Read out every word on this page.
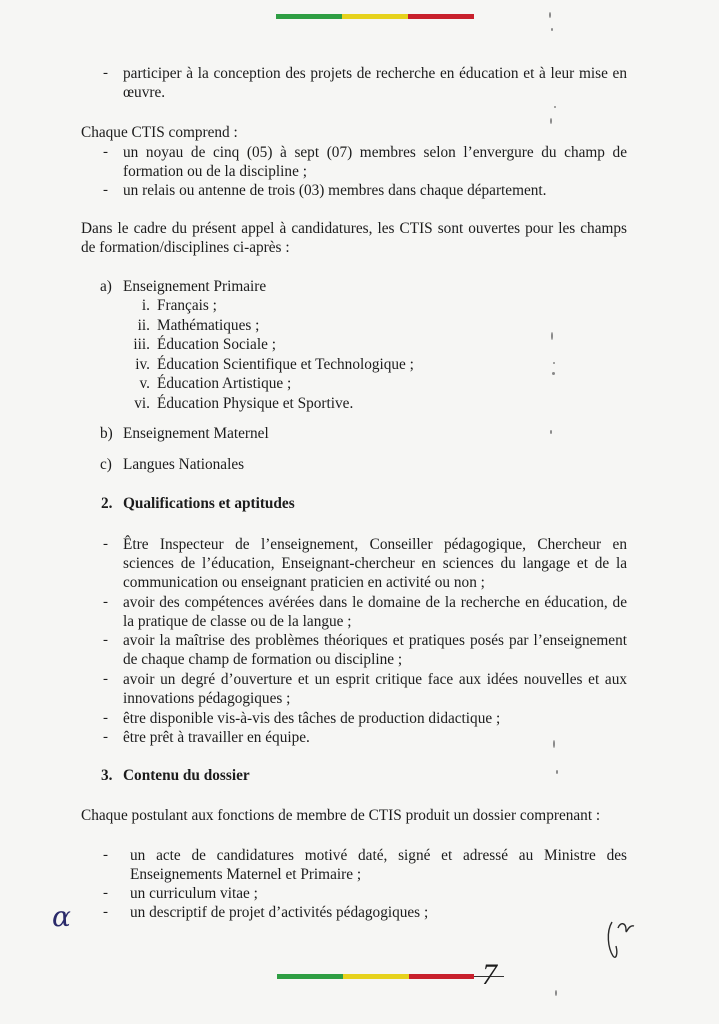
- participer à la conception des projets de recherche en éducation et à leur mise en œuvre.
Chaque CTIS comprend :
- un noyau de cinq (05) à sept (07) membres selon l’envergure du champ de formation ou de la discipline ;
- un relais ou antenne de trois (03) membres dans chaque département.
Dans le cadre du présent appel à candidatures, les CTIS sont ouvertes pour les champs de formation/disciplines ci-après :
a) Enseignement Primaire
i. Français ;
ii. Mathématiques ;
iii. Éducation Sociale ;
iv. Éducation Scientifique et Technologique ;
v. Éducation Artistique ;
vi. Éducation Physique et Sportive.
b) Enseignement Maternel
c) Langues Nationales
2. Qualifications et aptitudes
- Être Inspecteur de l’enseignement, Conseiller pédagogique, Chercheur en sciences de l’éducation, Enseignant-chercheur en sciences du langage et de la communication ou enseignant praticien en activité ou non ;
- avoir des compétences avérées dans le domaine de la recherche en éducation, de la pratique de classe ou de la langue ;
- avoir la maîtrise des problèmes théoriques et pratiques posés par l’enseignement de chaque champ de formation ou discipline ;
- avoir un degré d’ouverture et un esprit critique face aux idées nouvelles et aux innovations pédagogiques ;
- être disponible vis-à-vis des tâches de production didactique ;
- être prêt à travailler en équipe.
3. Contenu du dossier
Chaque postulant aux fonctions de membre de CTIS produit un dossier comprenant :
- un acte de candidatures motivé daté, signé et adressé au Ministre des Enseignements Maternel et Primaire ;
- un curriculum vitae ;
- un descriptif de projet d’activités pédagogiques ;
ɑ
7
